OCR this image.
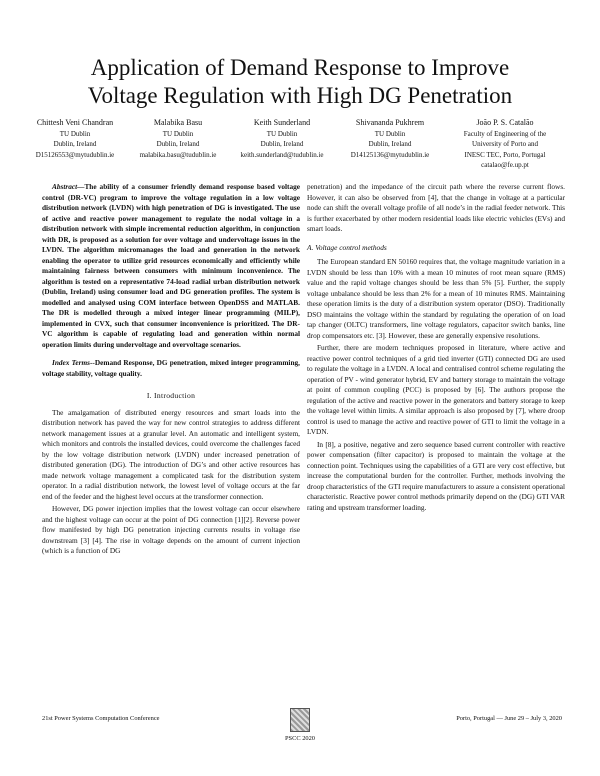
Application of Demand Response to Improve
Voltage Regulation with High DG Penetration
Chittesh Veni Chandran
TU Dublin
Dublin, Ireland
D15126553@mytudublin.ie
Malabika Basu
TU Dublin
Dublin, Ireland
malabika.basu@tudublin.ie
Keith Sunderland
TU Dublin
Dublin, Ireland
keith.sunderland@tudublin.ie
Shivananda Pukhrem
TU Dublin
Dublin, Ireland
D14125136@mytudublin.ie
João P. S. Catalão
Faculty of Engineering of the
University of Porto and
INESC TEC, Porto, Portugal
catalao@fe.up.pt

Abstract—The ability of a consumer friendly demand response based voltage control (DR-VC) program to improve the voltage regulation in a low voltage distribution network (LVDN) with high penetration of DG is investigated. The use of active and reactive power management to regulate the nodal voltage in a distribution network with simple incremental reduction algorithm, in conjunction with DR, is proposed as a solution for over voltage and undervoltage issues in the LVDN. The algorithm micromanages the load and generation in the network enabling the operator to utilize grid resources economically and efficiently while maintaining fairness between consumers with minimum inconvenience. The algorithm is tested on a representative 74-load radial urban distribution network (Dublin, Ireland) using consumer load and DG generation profiles. The system is modelled and analysed using COM interface between OpenDSS and MATLAB. The DR is modelled through a mixed integer linear programming (MILP), implemented in CVX, such that consumer inconvenience is prioritized. The DR-VC algorithm is capable of regulating load and generation within normal operation limits during undervoltage and overvoltage scenarios.

Index Terms--Demand Response, DG penetration, mixed integer programming, voltage stability, voltage quality.

I. Introduction

The amalgamation of distributed energy resources and smart loads into the distribution network has paved the way for new control strategies to address different network management issues at a granular level. An automatic and intelligent system, which monitors and controls the installed devices, could overcome the challenges faced by the low voltage distribution network (LVDN) under increased penetration of distributed generation (DG). The introduction of DG’s and other active resources has made network voltage management a complicated task for the distribution system operator. In a radial distribution network, the lowest level of voltage occurs at the far end of the feeder and the highest level occurs at the transformer connection.

However, DG power injection implies that the lowest voltage can occur elsewhere and the highest voltage can occur at the point of DG connection [1][2]. Reverse power flow manifested by high DG penetration injecting currents results in voltage rise downstream [3] [4]. The rise in voltage depends on the amount of current injection (which is a function of DG

penetration) and the impedance of the circuit path where the reverse current flows. However, it can also be observed from [4], that the change in voltage at a particular node can shift the overall voltage profile of all node’s in the radial feeder network. This is further exacerbated by other modern residential loads like electric vehicles (EVs) and smart loads.

A. Voltage control methods

The European standard EN 50160 requires that, the voltage magnitude variation in a LVDN should be less than 10% with a mean 10 minutes of root mean square (RMS) value and the rapid voltage changes should be less than 5% [5]. Further, the supply voltage unbalance should be less than 2% for a mean of 10 minutes RMS. Maintaining these operation limits is the duty of a distribution system operator (DSO). Traditionally DSO maintains the voltage within the standard by regulating the operation of on load tap changer (OLTC) transformers, line voltage regulators, capacitor switch banks, line drop compensators etc. [3]. However, these are generally expensive resolutions.

Further, there are modern techniques proposed in literature, where active and reactive power control techniques of a grid tied inverter (GTI) connected DG are used to regulate the voltage in a LVDN. A local and centralised control scheme regulating the operation of PV - wind generator hybrid, EV and battery storage to maintain the voltage at point of common coupling (PCC) is proposed by [6]. The authors propose the regulation of the active and reactive power in the generators and battery storage to keep the voltage level within limits. A similar approach is also proposed by [7], where droop control is used to manage the active and reactive power of GTI to limit the voltage in a LVDN.

In [8], a positive, negative and zero sequence based current controller with reactive power compensation (filter capacitor) is proposed to maintain the voltage at the connection point. Techniques using the capabilities of a GTI are very cost effective, but increase the computational burden for the controller. Further, methods involving the droop characteristics of the GTI require manufacturers to assure a consistent operational characteristic. Reactive power control methods primarily depend on the (DG) GTI VAR rating and upstream transformer loading.

21st Power Systems Computation Conference	Porto, Portugal — June 29 – July 3, 2020
PSCC 2020
